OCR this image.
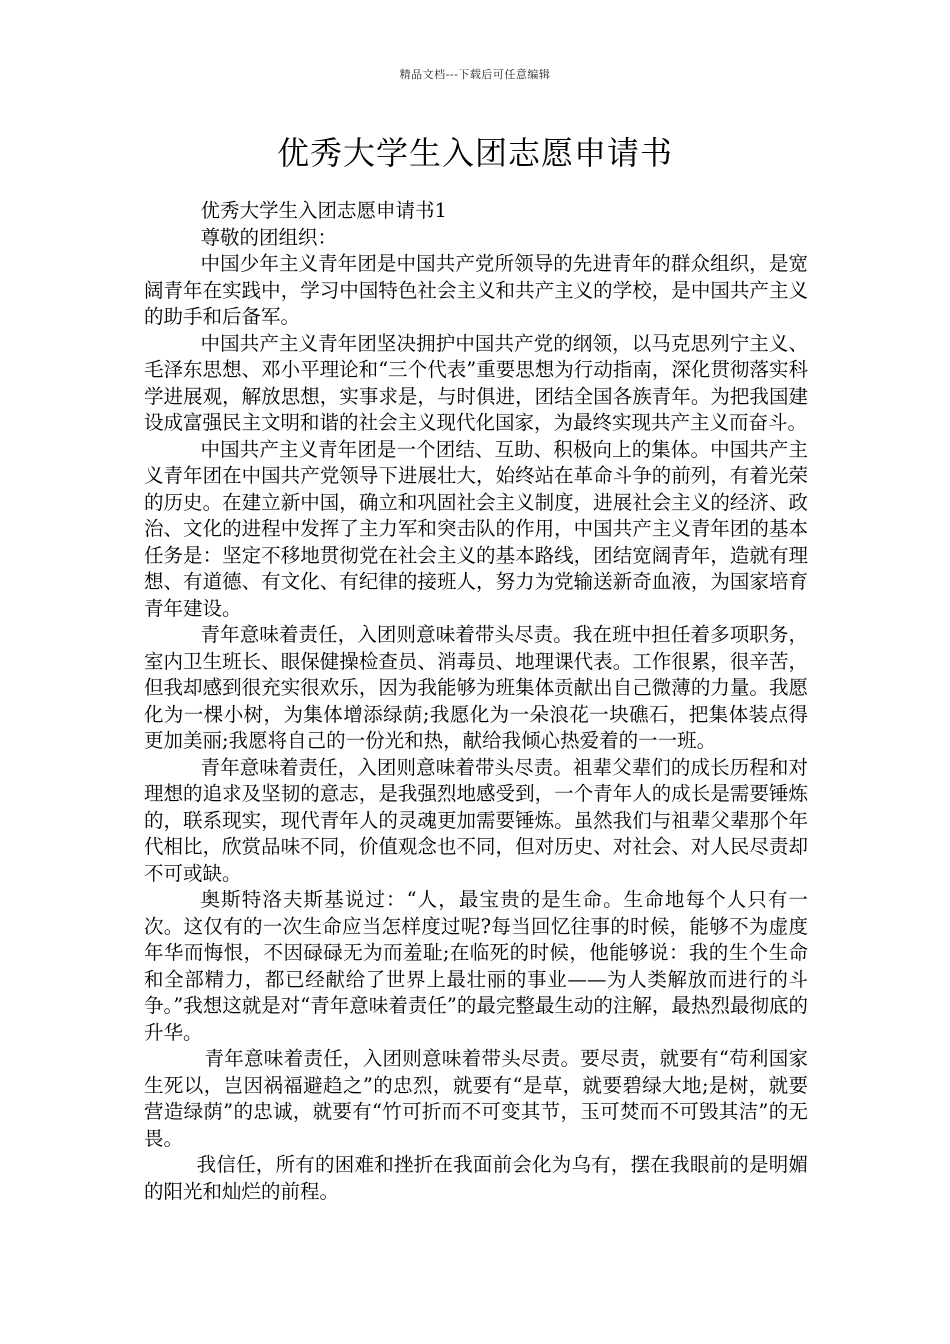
精品文档---下载后可任意编辑
优秀大学生入团志愿申请书

优秀大学生入团志愿申请书1

尊敬的团组织：

中国少年主义青年团是中国共产党所领导的先进青年的群众组织，是宽阔青年在实践中，学习中国特色社会主义和共产主义的学校，是中国共产主义的助手和后备军。

中国共产主义青年团坚决拥护中国共产党的纲领，以马克思列宁主义、毛泽东思想、邓小平理论和“三个代表”重要思想为行动指南，深化贯彻落实科学进展观，解放思想，实事求是，与时俱进，团结全国各族青年。为把我国建设成富强民主文明和谐的社会主义现代化国家，为最终实现共产主义而奋斗。

中国共产主义青年团是一个团结、互助、积极向上的集体。中国共产主义青年团在中国共产党领导下进展壮大，始终站在革命斗争的前列，有着光荣的历史。在建立新中国，确立和巩固社会主义制度，进展社会主义的经济、政治、文化的进程中发挥了主力军和突击队的作用，中国共产主义青年团的基本任务是：坚定不移地贯彻党在社会主义的基本路线，团结宽阔青年，造就有理想、有道德、有文化、有纪律的接班人，努力为党输送新奇血液，为国家培育青年建设。

青年意味着责任，入团则意味着带头尽责。我在班中担任着多项职务，室内卫生班长、眼保健操检查员、消毒员、地理课代表。工作很累，很辛苦，但我却感到很充实很欢乐，因为我能够为班集体贡献出自己微薄的力量。我愿化为一棵小树，为集体增添绿荫;我愿化为一朵浪花一块礁石，把集体装点得更加美丽;我愿将自己的一份光和热，献给我倾心热爱着的一一班。

青年意味着责任，入团则意味着带头尽责。祖辈父辈们的成长历程和对理想的追求及坚韧的意志，是我强烈地感受到，一个青年人的成长是需要锤炼的，联系现实，现代青年人的灵魂更加需要锤炼。虽然我们与祖辈父辈那个年代相比，欣赏品味不同，价值观念也不同，但对历史、对社会、对人民尽责却不可或缺。

奥斯特洛夫斯基说过：“人，最宝贵的是生命。生命地每个人只有一次。这仅有的一次生命应当怎样度过呢?每当回忆往事的时候，能够不为虚度年华而悔恨，不因碌碌无为而羞耻;在临死的时候，他能够说：我的生个生命和全部精力，都已经献给了世界上最壮丽的事业——为人类解放而进行的斗争。”我想这就是对“青年意味着责任”的最完整最生动的注解，最热烈最彻底的升华。

青年意味着责任，入团则意味着带头尽责。要尽责，就要有“苟利国家生死以，岂因祸福避趋之”的忠烈，就要有“是草，就要碧绿大地;是树，就要营造绿荫”的忠诚，就要有“竹可折而不可变其节，玉可焚而不可毁其洁”的无畏。

我信任，所有的困难和挫折在我面前会化为乌有，摆在我眼前的是明媚的阳光和灿烂的前程。
